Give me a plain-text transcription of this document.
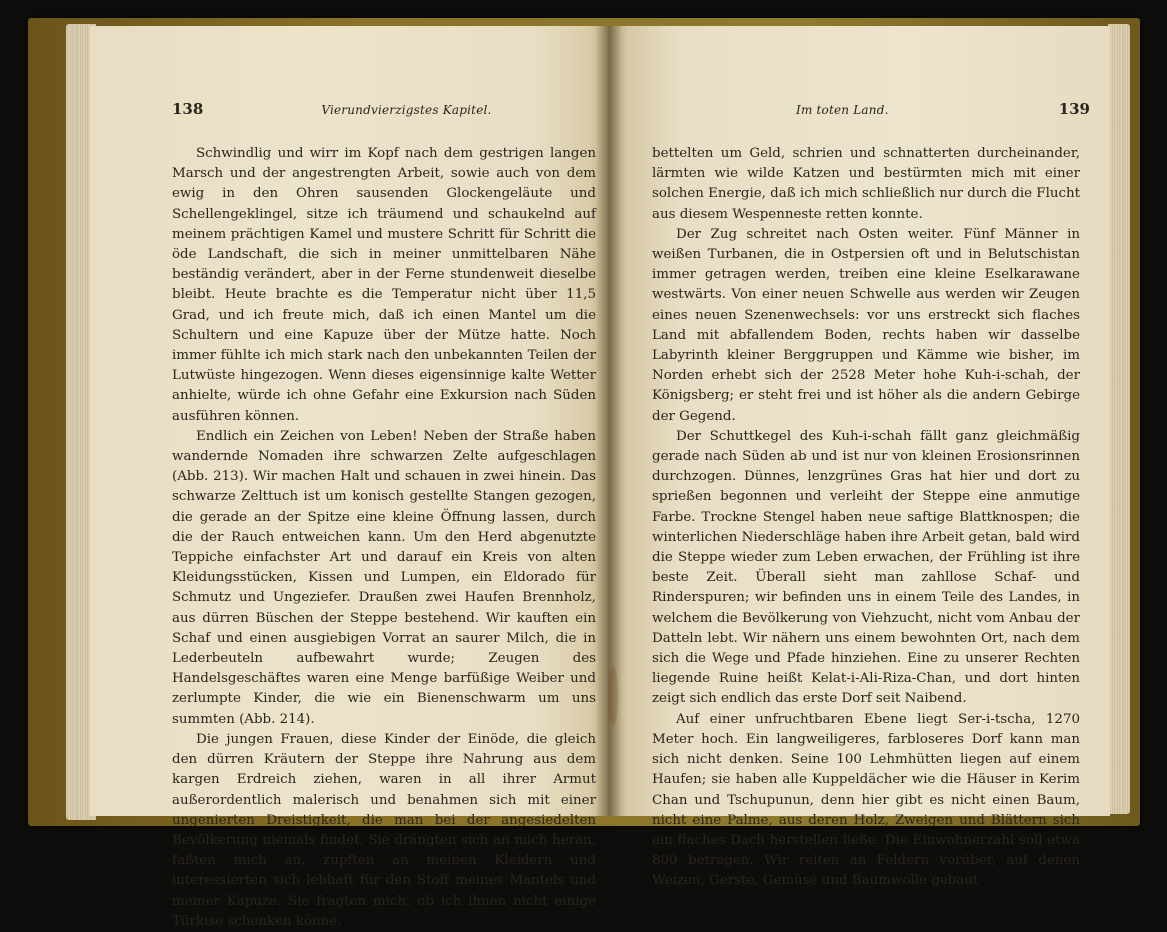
138	Vierundvierzigstes Kapitel.

Schwindlig und wirr im Kopf nach dem gestrigen langen Marsch und der angestrengten Arbeit, sowie auch von dem ewig in den Ohren sausenden Glockengeläute und Schellengeklingel, sitze ich träumend und schaukelnd auf meinem prächtigen Kamel und mustere Schritt für Schritt die öde Landschaft, die sich in meiner unmittelbaren Nähe beständig verändert, aber in der Ferne stundenweit dieselbe bleibt. Heute brachte es die Temperatur nicht über 11,5 Grad, und ich freute mich, daß ich einen Mantel um die Schultern und eine Kapuze über der Mütze hatte. Noch immer fühlte ich mich stark nach den unbekannten Teilen der Lutwüste hingezogen. Wenn dieses eigensinnige kalte Wetter anhielte, würde ich ohne Gefahr eine Exkursion nach Süden ausführen können.

Endlich ein Zeichen von Leben! Neben der Straße haben wandernde Nomaden ihre schwarzen Zelte aufgeschlagen (Abb. 213). Wir machen Halt und schauen in zwei hinein. Das schwarze Zelttuch ist um konisch gestellte Stangen gezogen, die gerade an der Spitze eine kleine Öffnung lassen, durch die der Rauch entweichen kann. Um den Herd abgenutzte Teppiche einfachster Art und darauf ein Kreis von alten Kleidungsstücken, Kissen und Lumpen, ein Eldorado für Schmutz und Ungeziefer. Draußen zwei Haufen Brennholz, aus dürren Büschen der Steppe bestehend. Wir kauften ein Schaf und einen ausgiebigen Vorrat an saurer Milch, die in Lederbeuteln aufbewahrt wurde; Zeugen des Handelsgeschäftes waren eine Menge barfüßige Weiber und zerlumpte Kinder, die wie ein Bienenschwarm um uns summten (Abb. 214).

Die jungen Frauen, diese Kinder der Einöde, die gleich den dürren Kräutern der Steppe ihre Nahrung aus dem kargen Erdreich ziehen, waren in all ihrer Armut außerordentlich malerisch und benahmen sich mit einer ungenierten Dreistigkeit, die man bei der angesiedelten Bevölkerung niemals findet. Sie drängten sich an mich heran, faßten mich an, zupften an meinen Kleidern und interessierten sich lebhaft für den Stoff meines Mantels und meiner Kapuze. Sie fragten mich, ob ich ihnen nicht einige Türkise schenken könne,

Im toten Land.	139

bettelten um Geld, schrien und schnatterten durcheinander, lärmten wie wilde Katzen und bestürmten mich mit einer solchen Energie, daß ich mich schließlich nur durch die Flucht aus diesem Wespenneste retten konnte.

Der Zug schreitet nach Osten weiter. Fünf Männer in weißen Turbanen, die in Ostpersien oft und in Belutschistan immer getragen werden, treiben eine kleine Eselkarawane westwärts. Von einer neuen Schwelle aus werden wir Zeugen eines neuen Szenenwechsels: vor uns erstreckt sich flaches Land mit abfallendem Boden, rechts haben wir dasselbe Labyrinth kleiner Berggruppen und Kämme wie bisher, im Norden erhebt sich der 2528 Meter hohe Kuh-i-schah, der Königsberg; er steht frei und ist höher als die andern Gebirge der Gegend.

Der Schuttkegel des Kuh-i-schah fällt ganz gleichmäßig gerade nach Süden ab und ist nur von kleinen Erosionsrinnen durchzogen. Dünnes, lenzgrünes Gras hat hier und dort zu sprießen begonnen und verleiht der Steppe eine anmutige Farbe. Trockne Stengel haben neue saftige Blattknospen; die winterlichen Niederschläge haben ihre Arbeit getan, bald wird die Steppe wieder zum Leben erwachen, der Frühling ist ihre beste Zeit. Überall sieht man zahllose Schaf- und Rinderspuren; wir befinden uns in einem Teile des Landes, in welchem die Bevölkerung von Viehzucht, nicht vom Anbau der Datteln lebt. Wir nähern uns einem bewohnten Ort, nach dem sich die Wege und Pfade hinziehen. Eine zu unserer Rechten liegende Ruine heißt Kelat-i-Ali-Riza-Chan, und dort hinten zeigt sich endlich das erste Dorf seit Naibend.

Auf einer unfruchtbaren Ebene liegt Ser-i-tscha, 1270 Meter hoch. Ein langweiligeres, farbloseres Dorf kann man sich nicht denken. Seine 100 Lehmhütten liegen auf einem Haufen; sie haben alle Kuppeldächer wie die Häuser in Kerim Chan und Tschupunun, denn hier gibt es nicht einen Baum, nicht eine Palme, aus deren Holz, Zweigen und Blättern sich ein flaches Dach herstellen ließe. Die Einwohnerzahl soll etwa 800 betragen. Wir reiten an Feldern vorüber, auf denen Weizen, Gerste, Gemüse und Baumwolle gebaut
